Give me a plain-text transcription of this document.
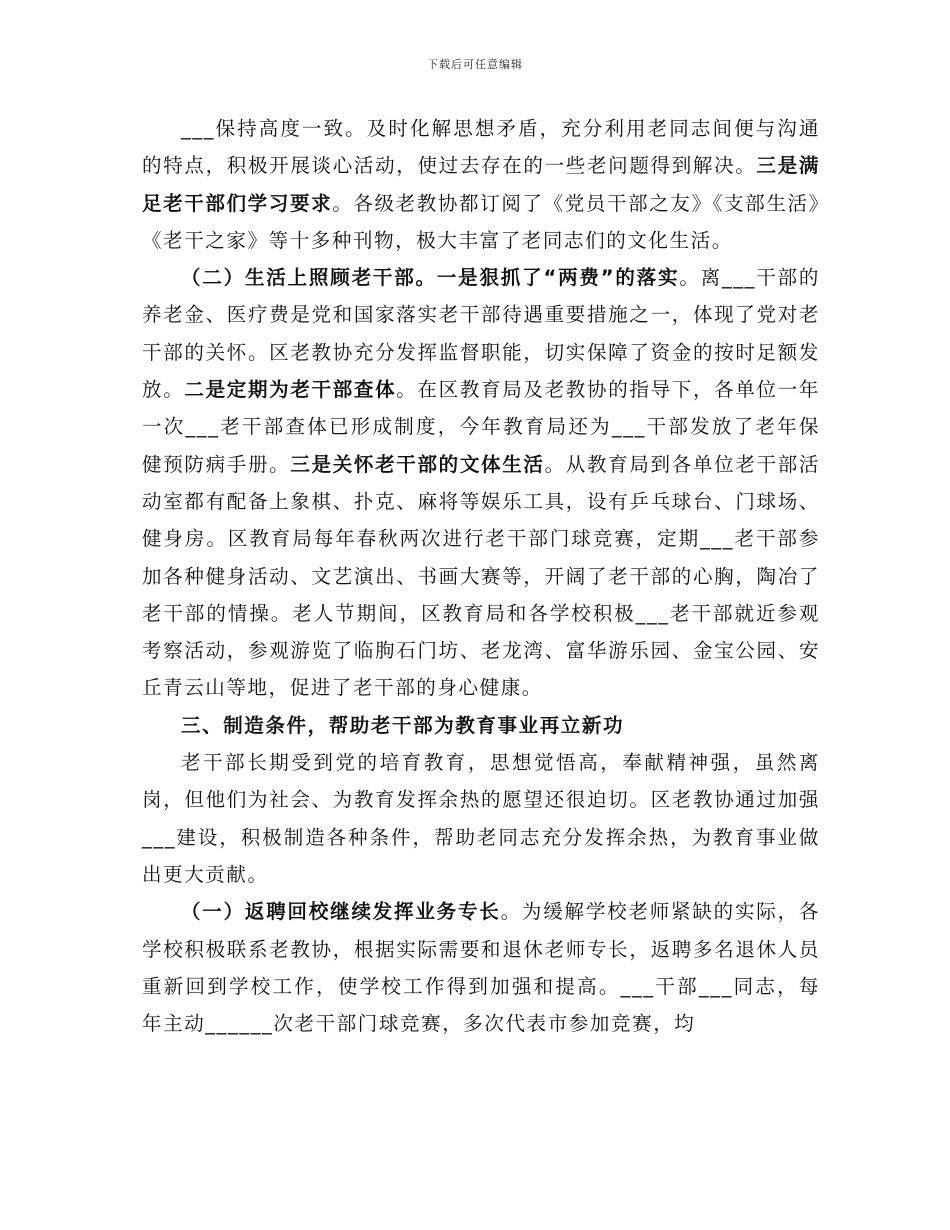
下载后可任意编辑

___保持高度一致。及时化解思想矛盾，充分利用老同志间便与沟通的特点，积极开展谈心活动，使过去存在的一些老问题得到解决。三是满足老干部们学习要求。各级老教协都订阅了《党员干部之友》《支部生活》《老干之家》等十多种刊物，极大丰富了老同志们的文化生活。

（二）生活上照顾老干部。一是狠抓了“两费”的落实。离___干部的养老金、医疗费是党和国家落实老干部待遇重要措施之一，体现了党对老干部的关怀。区老教协充分发挥监督职能，切实保障了资金的按时足额发放。二是定期为老干部查体。在区教育局及老教协的指导下，各单位一年一次___老干部查体已形成制度，今年教育局还为___干部发放了老年保健预防病手册。三是关怀老干部的文体生活。从教育局到各单位老干部活动室都有配备上象棋、扑克、麻将等娱乐工具，设有乒乓球台、门球场、健身房。区教育局每年春秋两次进行老干部门球竞赛，定期___老干部参加各种健身活动、文艺演出、书画大赛等，开阔了老干部的心胸，陶冶了老干部的情操。老人节期间，区教育局和各学校积极___老干部就近参观考察活动，参观游览了临朐石门坊、老龙湾、富华游乐园、金宝公园、安丘青云山等地，促进了老干部的身心健康。

三、制造条件，帮助老干部为教育事业再立新功

老干部长期受到党的培育教育，思想觉悟高，奉献精神强，虽然离岗，但他们为社会、为教育发挥余热的愿望还很迫切。区老教协通过加强___建设，积极制造各种条件，帮助老同志充分发挥余热，为教育事业做出更大贡献。

（一）返聘回校继续发挥业务专长。为缓解学校老师紧缺的实际，各学校积极联系老教协，根据实际需要和退休老师专长，返聘多名退休人员重新回到学校工作，使学校工作得到加强和提高。___干部___同志，每年主动______次老干部门球竞赛，多次代表市参加竞赛，均
